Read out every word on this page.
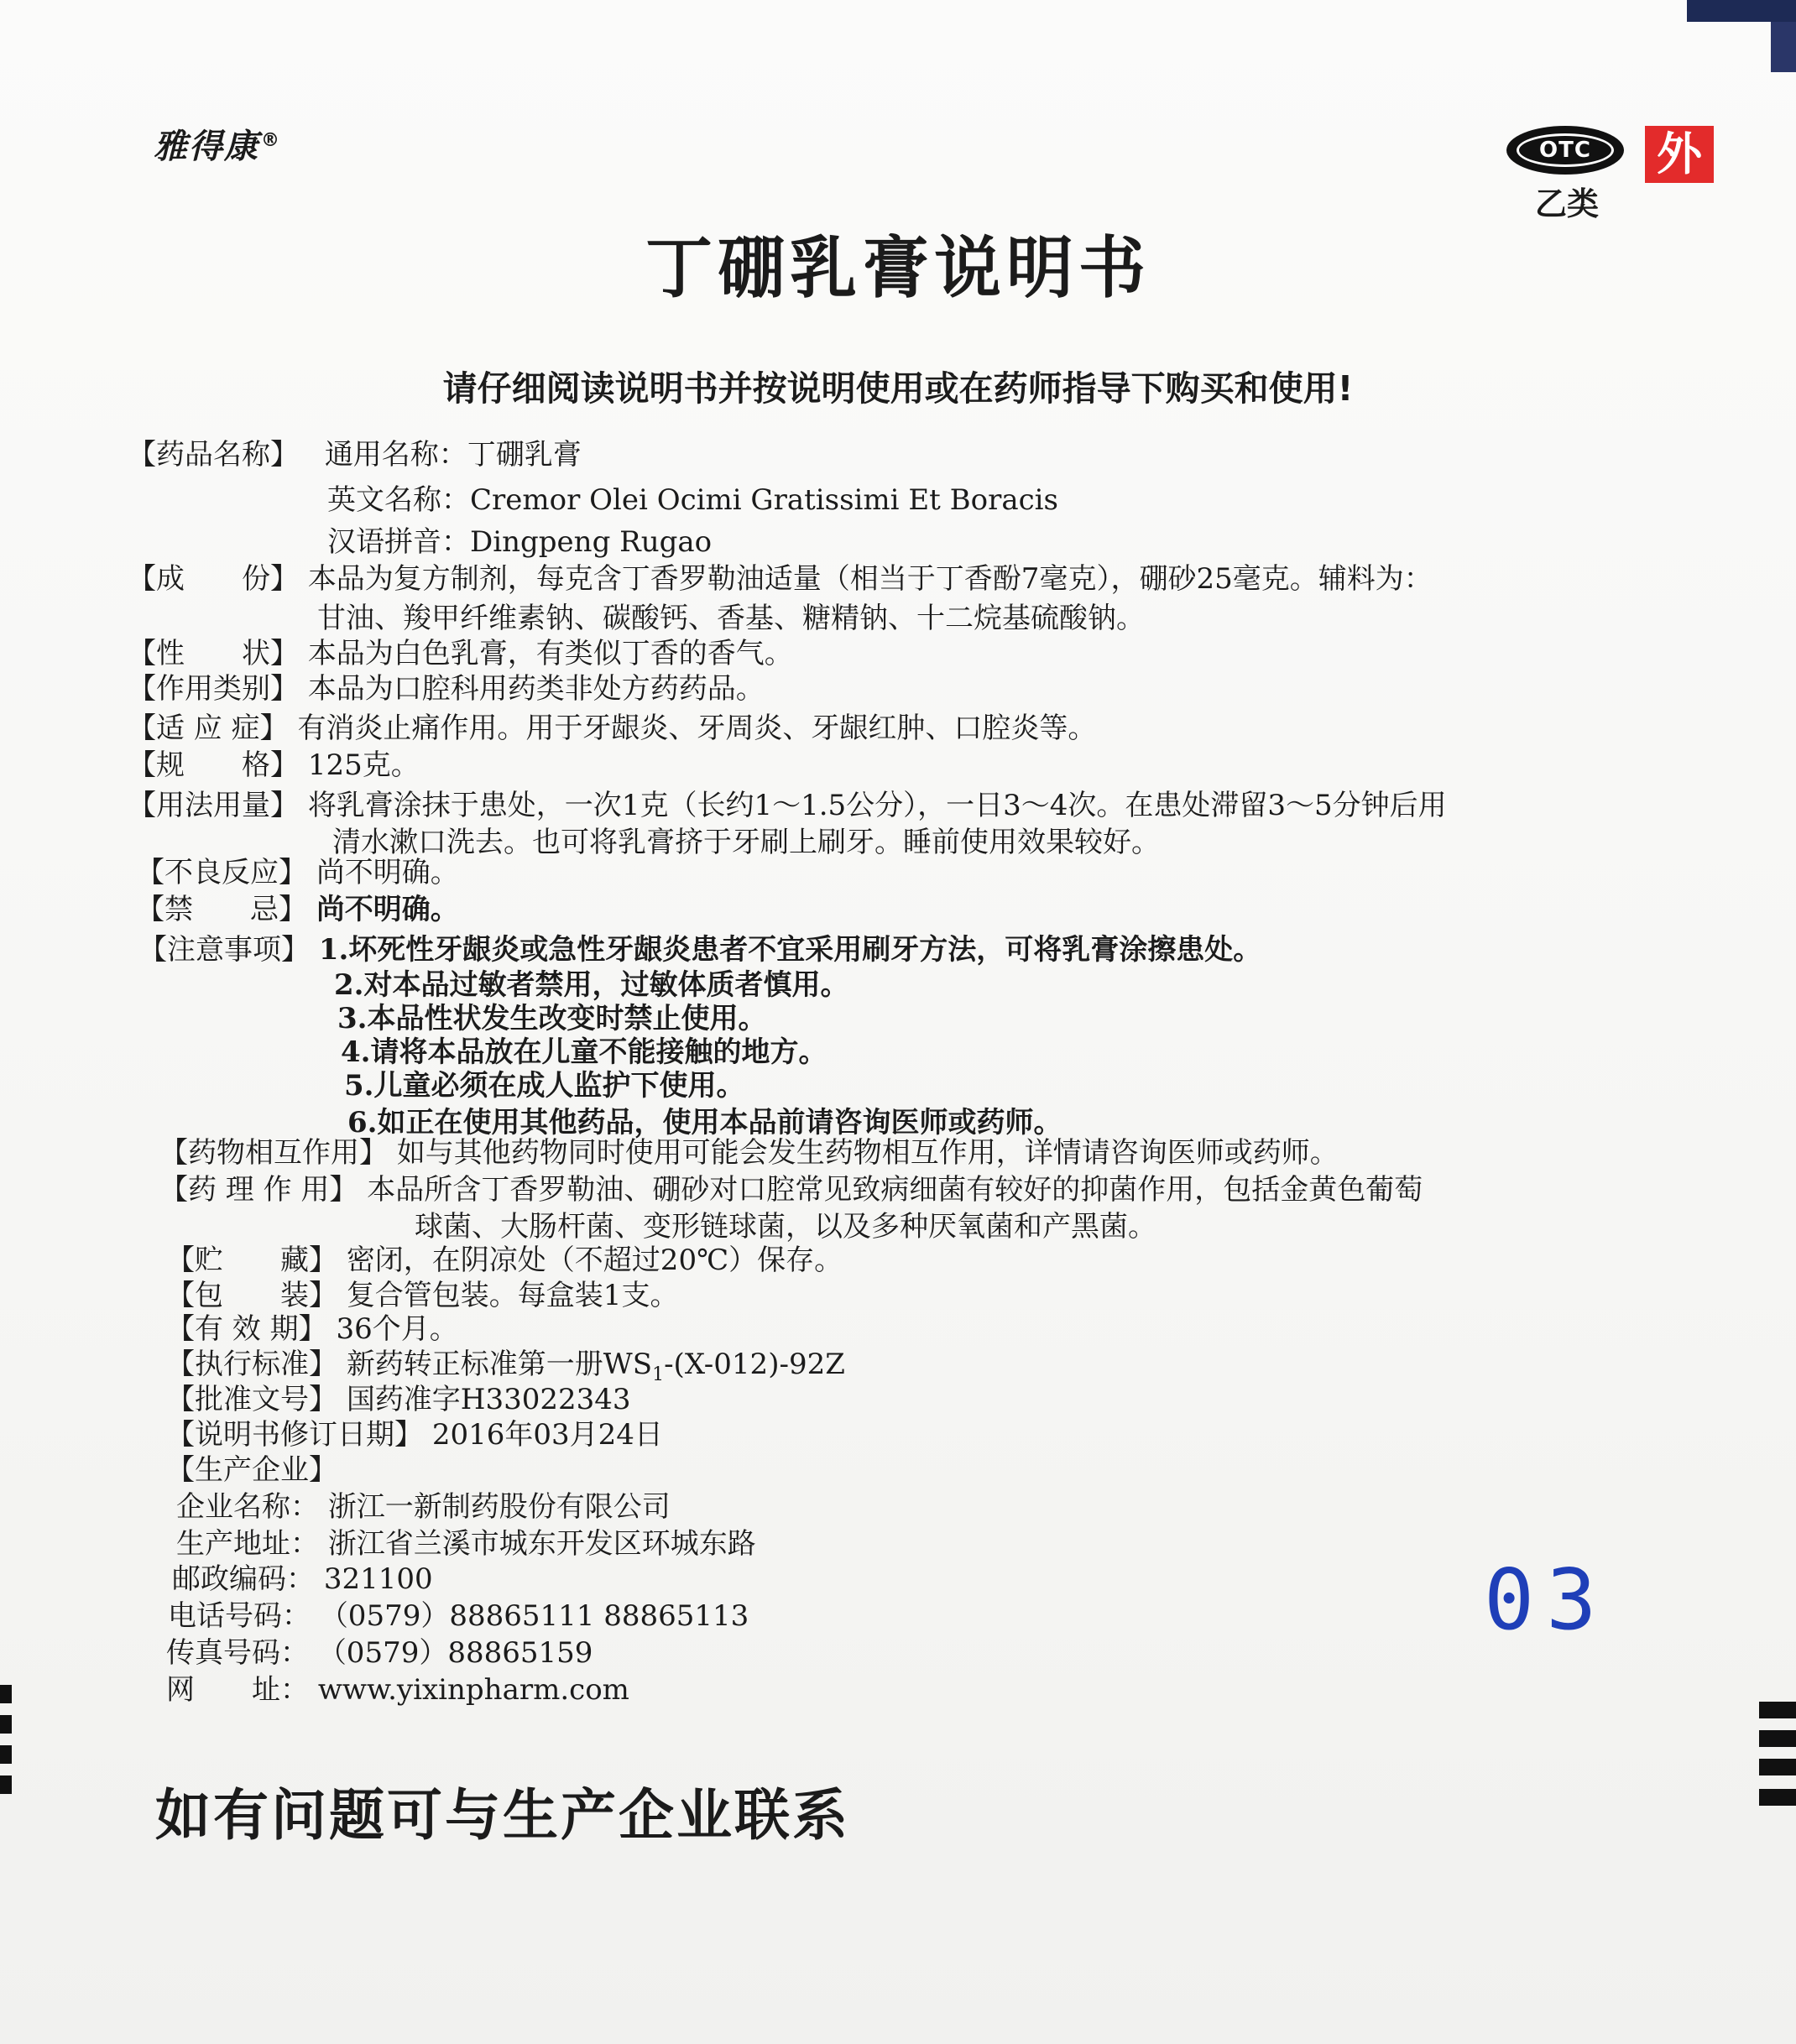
雅得康®	OTC
乙类
外
丁硼乳膏说明书
请仔细阅读说明书并按说明使用或在药师指导下购买和使用!
【药品名称】 通用名称：丁硼乳膏
英文名称：Cremor Olei Ocimi Gratissimi Et Boracis
汉语拼音：Dingpeng Rugao
【成　　份】 本品为复方制剂，每克含丁香罗勒油适量（相当于丁香酚7毫克），硼砂25毫克。辅料为：
甘油、羧甲纤维素钠、碳酸钙、香基、糖精钠、十二烷基硫酸钠。
【性　　状】 本品为白色乳膏，有类似丁香的香气。
【作用类别】 本品为口腔科用药类非处方药药品。
【适 应 症】 有消炎止痛作用。用于牙龈炎、牙周炎、牙龈红肿、口腔炎等。
【规　　格】 125克。
【用法用量】 将乳膏涂抹于患处，一次1克（长约1～1.5公分），一日3～4次。在患处滞留3～5分钟后用
清水漱口洗去。也可将乳膏挤于牙刷上刷牙。睡前使用效果较好。
【不良反应】 尚不明确。
【禁　　忌】 尚不明确。
【注意事项】 1.坏死性牙龈炎或急性牙龈炎患者不宜采用刷牙方法，可将乳膏涂擦患处。
2.对本品过敏者禁用，过敏体质者慎用。
3.本品性状发生改变时禁止使用。
4.请将本品放在儿童不能接触的地方。
5.儿童必须在成人监护下使用。
6.如正在使用其他药品，使用本品前请咨询医师或药师。
【药物相互作用】 如与其他药物同时使用可能会发生药物相互作用，详情请咨询医师或药师。
【药 理 作 用】 本品所含丁香罗勒油、硼砂对口腔常见致病细菌有较好的抑菌作用，包括金黄色葡萄
球菌、大肠杆菌、变形链球菌，以及多种厌氧菌和产黑菌。
【贮　　藏】 密闭，在阴凉处（不超过20℃）保存。
【包　　装】 复合管包装。每盒装1支。
【有 效 期】 36个月。
【执行标准】 新药转正标准第一册$WS_1-(X-012)-92Z$
【批准文号】 国药准字H33022343
【说明书修订日期】 2016年03月24日
【生产企业】
企业名称： 浙江一新制药股份有限公司
生产地址： 浙江省兰溪市城东开发区环城东路
邮政编码： 321100
电话号码： （0579）88865111 88865113
传真号码： （0579）88865159
网　　址： www.yixinpharm.com
03
如有问题可与生产企业联系
